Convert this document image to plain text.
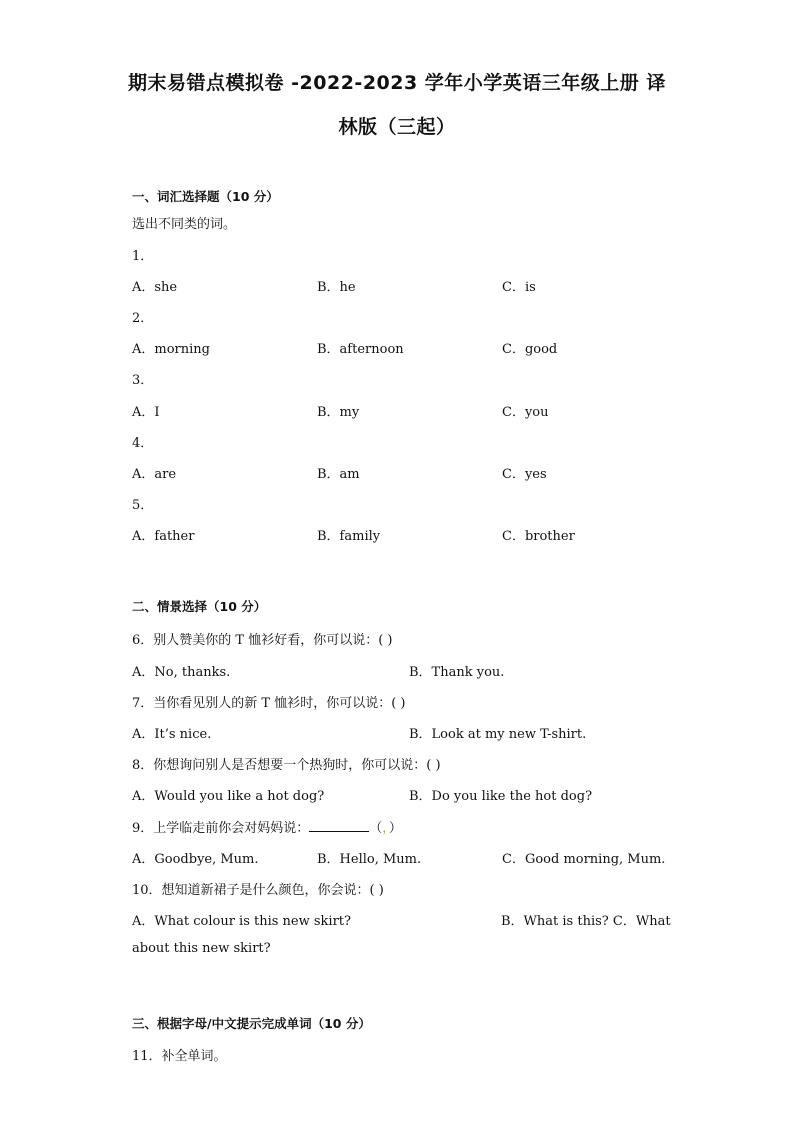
期末易错点模拟卷 -2022-2023 学年小学英语三年级上册 译
林版（三起）
一、词汇选择题（10 分）
选出不同类的词。
1．
A．she	B．he	C．is
2．
A．morning	B．afternoon	C．good
3．
A．I	B．my	C．you
4．
A．are	B．am	C．yes
5．
A．father	B．family	C．brother
二、情景选择（10 分）
6．别人赞美你的 T 恤衫好看，你可以说：( )
A．No, thanks.	B．Thank you.
7．当你看见别人的新 T 恤衫时，你可以说：( )
A．It’s nice.	B．Look at my new T-shirt.
8．你想询问别人是否想要一个热狗时，你可以说：( )
A．Would you like a hot dog?	B．Do you like the hot dog?
9．上学临走前你会对妈妈说：	（，）
A．Goodbye, Mum.	B．Hello, Mum.	C．Good morning, Mum.
10．想知道新裙子是什么颜色，你会说：( )
A．What colour is this new skirt?	B．What is this? C．What
about this new skirt?
三、根据字母/中文提示完成单词（10 分）
11．补全单词。
